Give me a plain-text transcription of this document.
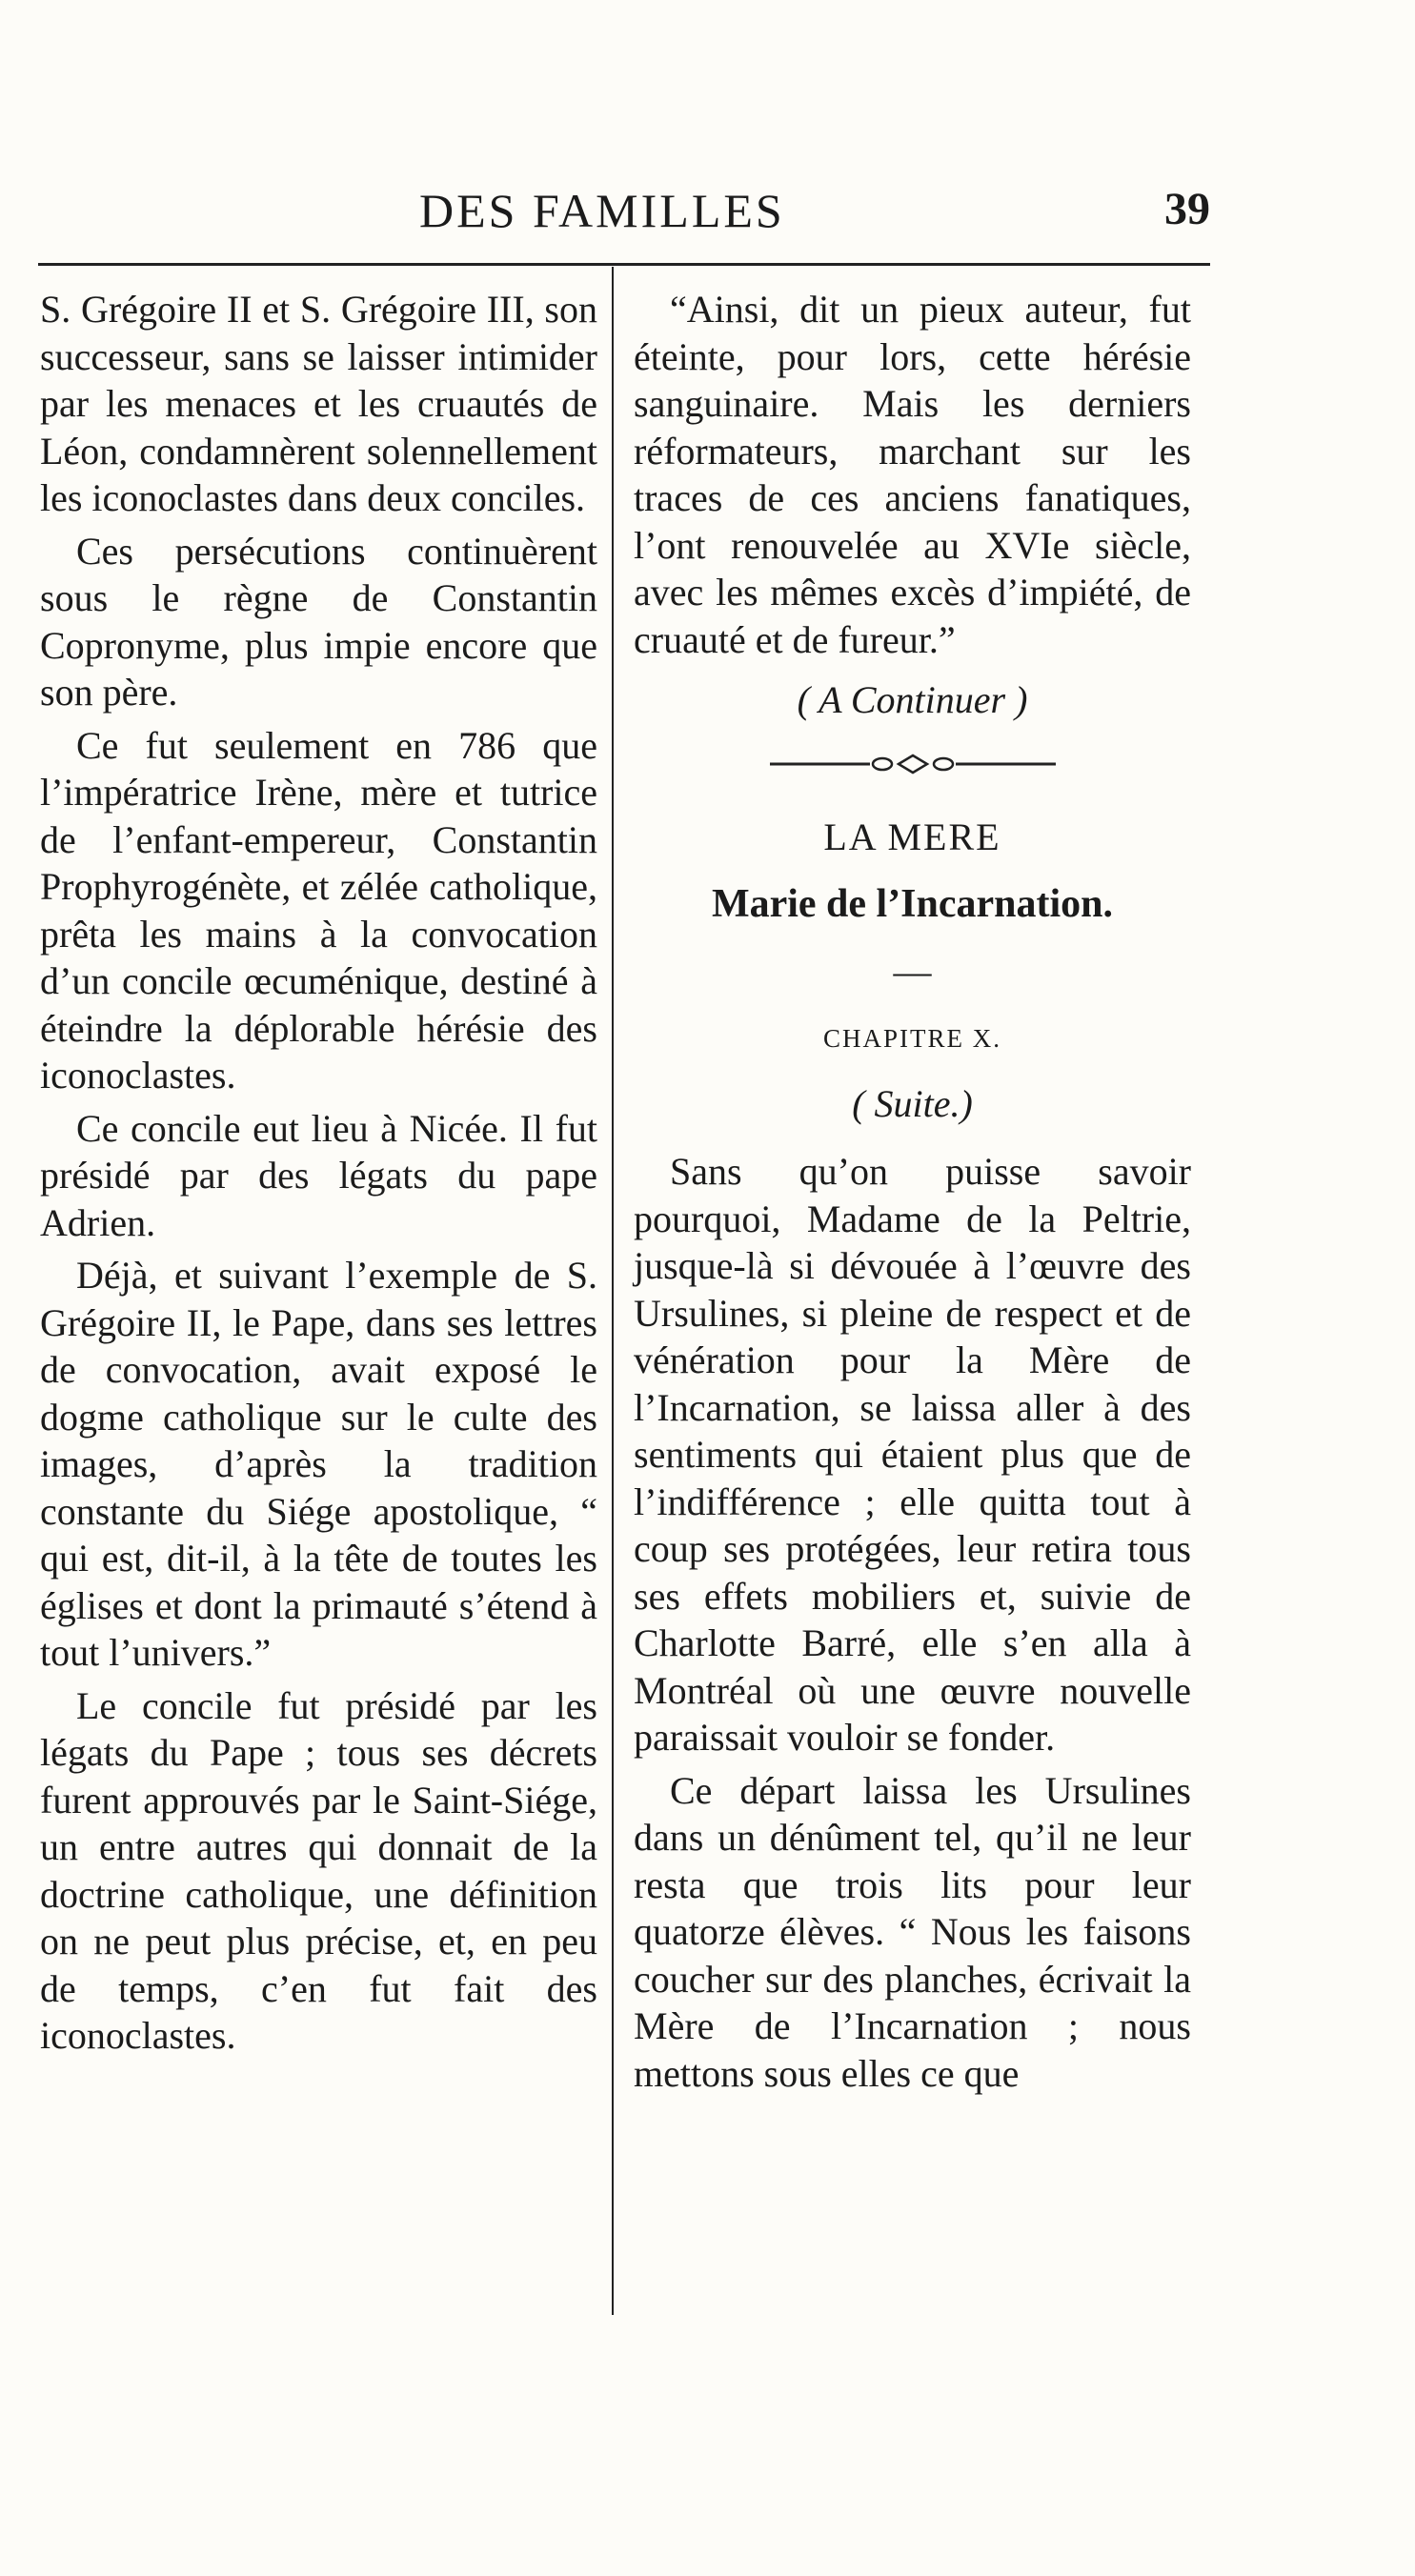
DES FAMILLES	39

S. Grégoire II et S. Grégoire III, son successeur, sans se laisser intimider par les menaces et les cruautés de Léon, condamnèrent solennellement les iconoclastes dans deux conciles.

Ces persécutions continuèrent sous le règne de Constantin Copronyme, plus impie encore que son père.

Ce fut seulement en 786 que l’impératrice Irène, mère et tutrice de l’enfant-empereur, Constantin Prophyrogénète, et zélée catholique, prêta les mains à la convocation d’un concile œcuménique, destiné à éteindre la déplorable hérésie des iconoclastes.

Ce concile eut lieu à Nicée. Il fut présidé par des légats du pape Adrien.

Déjà, et suivant l’exemple de S. Grégoire II, le Pape, dans ses lettres de convocation, avait exposé le dogme catholique sur le culte des images, d’après la tradition constante du Siége apostolique, “ qui est, dit-il, à la tête de toutes les églises et dont la primauté s’étend à tout l’univers.”

Le concile fut présidé par les légats du Pape ; tous ses décrets furent approuvés par le Saint-Siége, un entre autres qui donnait de la doctrine catholique, une définition on ne peut plus précise, et, en peu de temps, c’en fut fait des iconoclastes.

“Ainsi, dit un pieux auteur, fut éteinte, pour lors, cette hérésie sanguinaire. Mais les derniers réformateurs, marchant sur les traces de ces anciens fanatiques, l’ont renouvelée au XVIe siècle, avec les mêmes excès d’impiété, de cruauté et de fureur.”

( A Continuer )

LA MERE

Marie de l’Incarnation.

—

CHAPITRE X.

( Suite.)

Sans qu’on puisse savoir pourquoi, Madame de la Peltrie, jusque-là si dévouée à l’œuvre des Ursulines, si pleine de respect et de vénération pour la Mère de l’Incarnation, se laissa aller à des sentiments qui étaient plus que de l’indifférence ; elle quitta tout à coup ses protégées, leur retira tous ses effets mobiliers et, suivie de Charlotte Barré, elle s’en alla à Montréal où une œuvre nouvelle paraissait vouloir se fonder.

Ce départ laissa les Ursulines dans un dénûment tel, qu’il ne leur resta que trois lits pour leur quatorze élèves. “ Nous les faisons coucher sur des planches, écrivait la Mère de l’Incarnation ; nous mettons sous elles ce que
